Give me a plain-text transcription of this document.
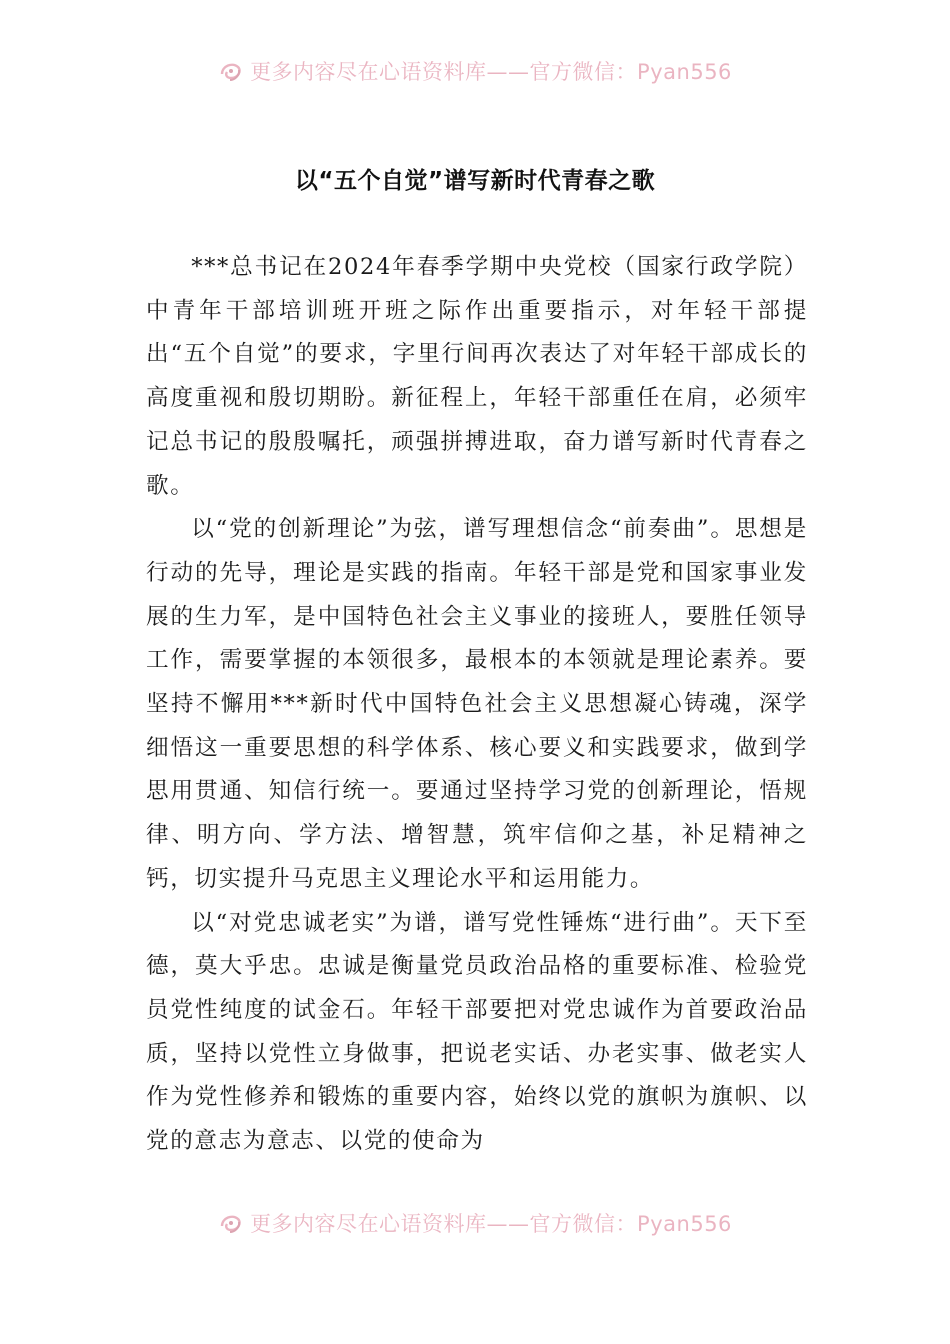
更多内容尽在心语资料库——官方微信：Pyan556
以“五个自觉”谱写新时代青春之歌

***总书记在2024年春季学期中央党校（国家行政学院）中青年干部培训班开班之际作出重要指示，对年轻干部提出“五个自觉”的要求，字里行间再次表达了对年轻干部成长的高度重视和殷切期盼。新征程上，年轻干部重任在肩，必须牢记总书记的殷殷嘱托，顽强拼搏进取，奋力谱写新时代青春之歌。

以“党的创新理论”为弦，谱写理想信念“前奏曲”。思想是行动的先导，理论是实践的指南。年轻干部是党和国家事业发展的生力军，是中国特色社会主义事业的接班人，要胜任领导工作，需要掌握的本领很多，最根本的本领就是理论素养。要坚持不懈用***新时代中国特色社会主义思想凝心铸魂，深学细悟这一重要思想的科学体系、核心要义和实践要求，做到学思用贯通、知信行统一。要通过坚持学习党的创新理论，悟规律、明方向、学方法、增智慧，筑牢信仰之基，补足精神之钙，切实提升马克思主义理论水平和运用能力。

以“对党忠诚老实”为谱，谱写党性锤炼“进行曲”。天下至德，莫大乎忠。忠诚是衡量党员政治品格的重要标准、检验党员党性纯度的试金石。年轻干部要把对党忠诚作为首要政治品质，坚持以党性立身做事，把说老实话、办老实事、做老实人作为党性修养和锻炼的重要内容，始终以党的旗帜为旗帜、以党的意志为意志、以党的使命为

更多内容尽在心语资料库——官方微信：Pyan556
